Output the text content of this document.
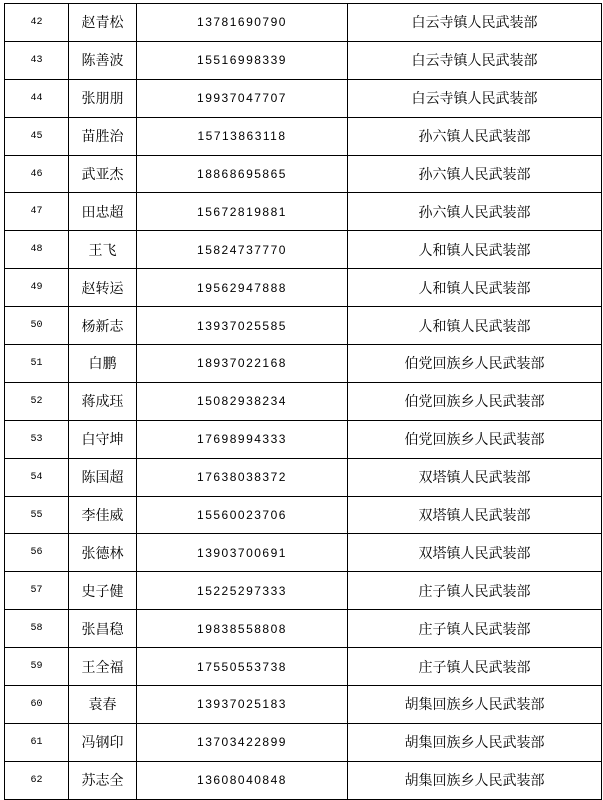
42	赵青松	13781690790	白云寺镇人民武装部
43	陈善波	15516998339	白云寺镇人民武装部
44	张朋朋	19937047707	白云寺镇人民武装部
45	苗胜治	15713863118	孙六镇人民武装部
46	武亚杰	18868695865	孙六镇人民武装部
47	田忠超	15672819881	孙六镇人民武装部
48	王飞	15824737770	人和镇人民武装部
49	赵转运	19562947888	人和镇人民武装部
50	杨新志	13937025585	人和镇人民武装部
51	白鹏	18937022168	伯党回族乡人民武装部
52	蒋成珏	15082938234	伯党回族乡人民武装部
53	白守坤	17698994333	伯党回族乡人民武装部
54	陈国超	17638038372	双塔镇人民武装部
55	李佳威	15560023706	双塔镇人民武装部
56	张德林	13903700691	双塔镇人民武装部
57	史子健	15225297333	庄子镇人民武装部
58	张昌稳	19838558808	庄子镇人民武装部
59	王全福	17550553738	庄子镇人民武装部
60	袁春	13937025183	胡集回族乡人民武装部
61	冯钢印	13703422899	胡集回族乡人民武装部
62	苏志全	13608040848	胡集回族乡人民武装部
